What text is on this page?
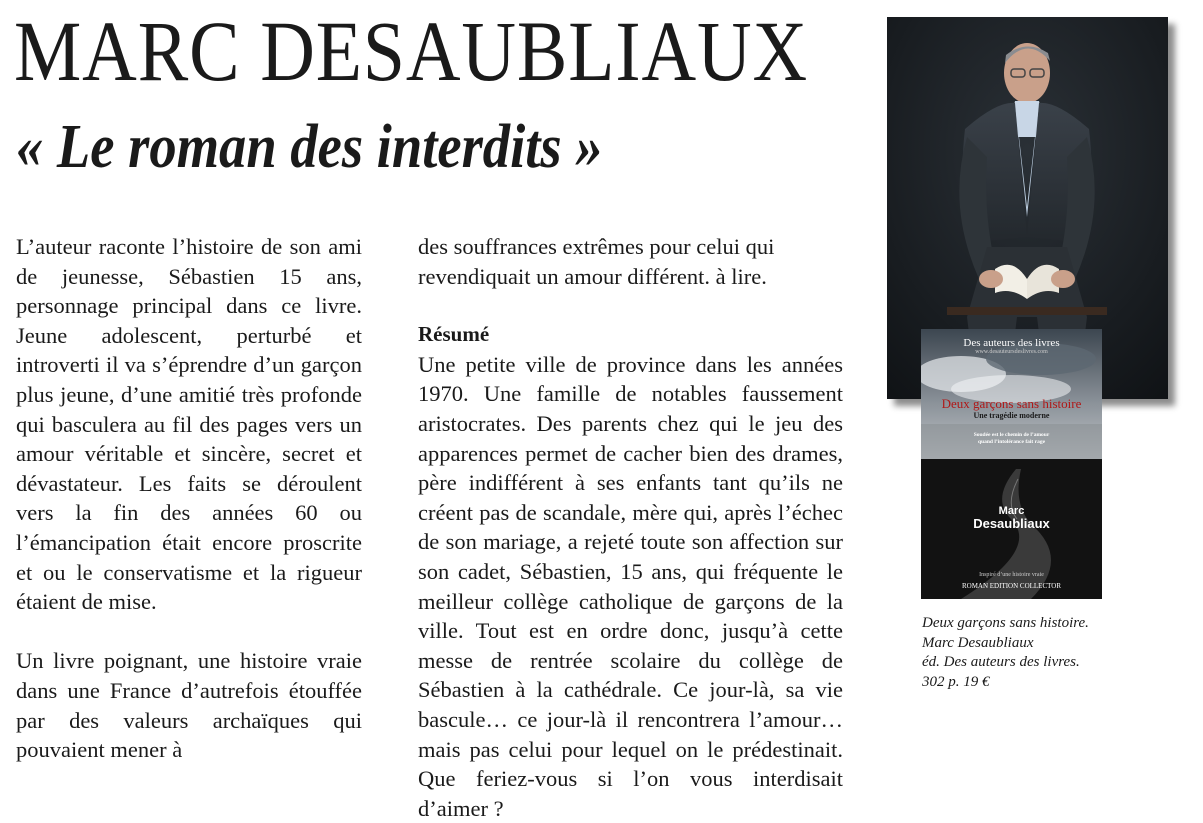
MARC DESAUBLIAUX
« Le roman des interdits »

L’auteur raconte l’histoire de son ami de jeunesse, Sébastien 15 ans, personnage principal dans ce livre. Jeune adolescent, perturbé et introverti il va s’éprendre d’un garçon plus jeune, d’une amitié très profonde qui basculera au fil des pages vers un amour véritable et sincère, secret et dévastateur. Les faits se déroulent vers la fin des années 60 ou l’émancipation était encore proscrite et ou le conservatisme et la rigueur étaient de mise.

Un livre poignant, une histoire vraie dans une France d’autrefois étouffée par des valeurs archaïques qui pouvaient mener à

des souffrances extrêmes pour celui qui revendiquait un amour différent. à lire.

Résumé

Une petite ville de province dans les années 1970. Une famille de notables faussement aristocrates. Des parents chez qui le jeu des apparences permet de cacher bien des drames, père indifférent à ses enfants tant qu’ils ne créent pas de scandale, mère qui, après l’échec de son mariage, a rejeté toute son affection sur son cadet, Sébastien, 15 ans, qui fréquente le meilleur collège catholique de garçons de la ville. Tout est en ordre donc, jusqu’à cette messe de rentrée scolaire du collège de Sébastien à la cathédrale. Ce jour-là, sa vie bascule… ce jour-là il rencontrera l’amour… mais pas celui pour lequel on le prédestinait. Que feriez-vous si l’on vous interdisait d’aimer ?

Des auteurs des livres
www.desauteursdeslivres.com
Deux garçons sans histoire
Une tragédie moderne
Soudée est le chemin de l’amour
quand l’intolérance fait rage
Marc
Desaubliaux
Inspiré d’une histoire vraie
ROMAN EDITION COLLECTOR
Deux garçons sans histoire.
Marc Desaubliaux
éd. Des auteurs des livres.
302 p. 19 €
